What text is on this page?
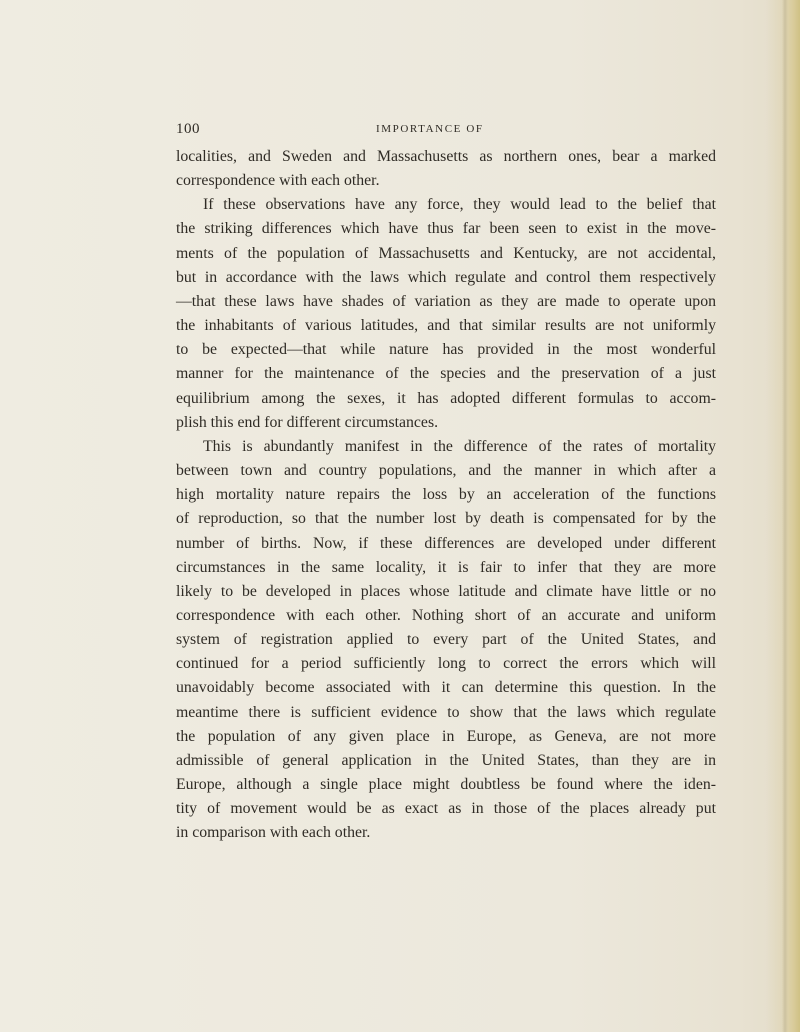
100	IMPORTANCE OF

localities, and Sweden and Massachusetts as northern ones, bear a marked
correspondence with each other.

If these observations have any force, they would lead to the belief that
the striking differences which have thus far been seen to exist in the move-
ments of the population of Massachusetts and Kentucky, are not accidental,
but in accordance with the laws which regulate and control them respectively
—that these laws have shades of variation as they are made to operate upon
the inhabitants of various latitudes, and that similar results are not uniformly
to be expected—that while nature has provided in the most wonderful
manner for the maintenance of the species and the preservation of a just
equilibrium among the sexes, it has adopted different formulas to accom-
plish this end for different circumstances.

This is abundantly manifest in the difference of the rates of mortality
between town and country populations, and the manner in which after a
high mortality nature repairs the loss by an acceleration of the functions
of reproduction, so that the number lost by death is compensated for by the
number of births. Now, if these differences are developed under different
circumstances in the same locality, it is fair to infer that they are more
likely to be developed in places whose latitude and climate have little or no
correspondence with each other. Nothing short of an accurate and uniform
system of registration applied to every part of the United States, and
continued for a period sufficiently long to correct the errors which will
unavoidably become associated with it can determine this question. In the
meantime there is sufficient evidence to show that the laws which regulate
the population of any given place in Europe, as Geneva, are not more
admissible of general application in the United States, than they are in
Europe, although a single place might doubtless be found where the iden-
tity of movement would be as exact as in those of the places already put
in comparison with each other.
